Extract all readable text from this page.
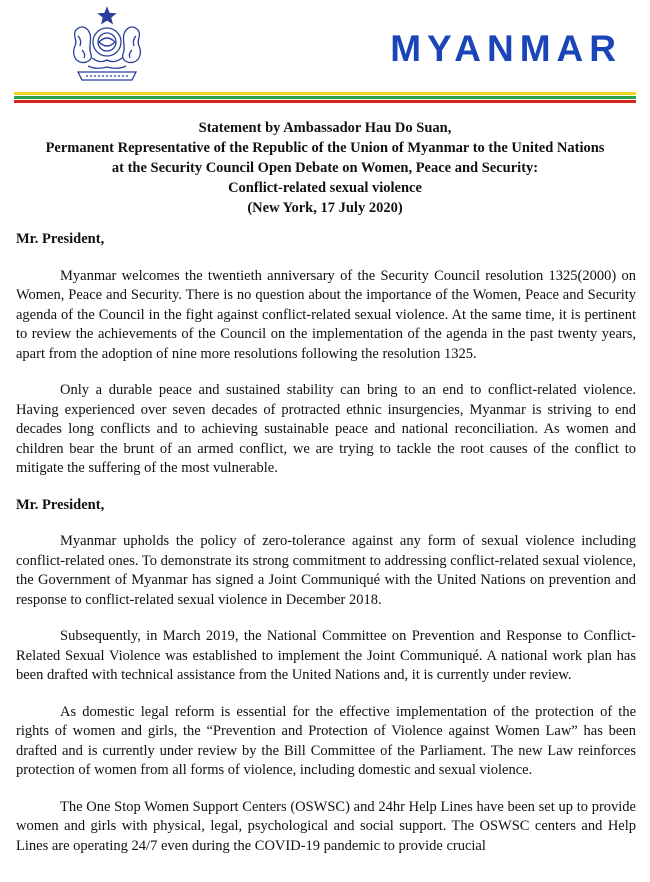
MYANMAR
Statement by Ambassador Hau Do Suan,
Permanent Representative of the Republic of the Union of Myanmar to the United Nations
at the Security Council Open Debate on Women, Peace and Security:
Conflict-related sexual violence
(New York, 17 July 2020)

Mr. President,

Myanmar welcomes the twentieth anniversary of the Security Council resolution 1325(2000) on Women, Peace and Security. There is no question about the importance of the Women, Peace and Security agenda of the Council in the fight against conflict-related sexual violence. At the same time, it is pertinent to review the achievements of the Council on the implementation of the agenda in the past twenty years, apart from the adoption of nine more resolutions following the resolution 1325.

Only a durable peace and sustained stability can bring to an end to conflict-related violence. Having experienced over seven decades of protracted ethnic insurgencies, Myanmar is striving to end decades long conflicts and to achieving sustainable peace and national reconciliation. As women and children bear the brunt of an armed conflict, we are trying to tackle the root causes of the conflict to mitigate the suffering of the most vulnerable.

Mr. President,

Myanmar upholds the policy of zero-tolerance against any form of sexual violence including conflict-related ones. To demonstrate its strong commitment to addressing conflict-related sexual violence, the Government of Myanmar has signed a Joint Communiqué with the United Nations on prevention and response to conflict-related sexual violence in December 2018.

Subsequently, in March 2019, the National Committee on Prevention and Response to Conflict-Related Sexual Violence was established to implement the Joint Communiqué. A national work plan has been drafted with technical assistance from the United Nations and, it is currently under review.

As domestic legal reform is essential for the effective implementation of the protection of the rights of women and girls, the “Prevention and Protection of Violence against Women Law” has been drafted and is currently under review by the Bill Committee of the Parliament. The new Law reinforces protection of women from all forms of violence, including domestic and sexual violence.

The One Stop Women Support Centers (OSWSC) and 24hr Help Lines have been set up to provide women and girls with physical, legal, psychological and social support. The OSWSC centers and Help Lines are operating 24/7 even during the COVID-19 pandemic to provide crucial
